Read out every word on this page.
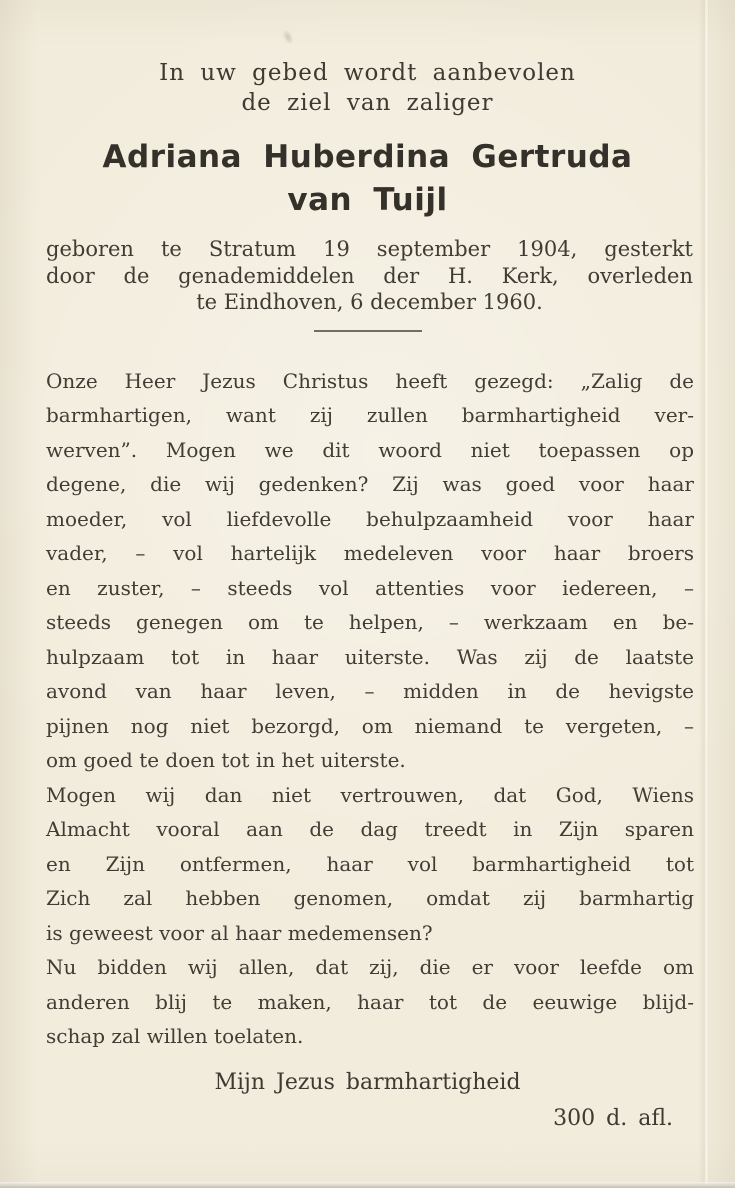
In uw gebed wordt aanbevolen
de ziel van zaliger
Adriana Huberdina Gertruda
van Tuijl
geboren te Stratum 19 september 1904, gesterkt
door de genademiddelen der H. Kerk, overleden
te Eindhoven, 6 december 1960.
Onze Heer Jezus Christus heeft gezegd: „Zalig de
barmhartigen, want zij zullen barmhartigheid ver-
werven”. Mogen we dit woord niet toepassen op
degene, die wij gedenken? Zij was goed voor haar
moeder, vol liefdevolle behulpzaamheid voor haar
vader, – vol hartelijk medeleven voor haar broers
en zuster, – steeds vol attenties voor iedereen, –
steeds genegen om te helpen, – werkzaam en be-
hulpzaam tot in haar uiterste. Was zij de laatste
avond van haar leven, – midden in de hevigste
pijnen nog niet bezorgd, om niemand te vergeten, –
om goed te doen tot in het uiterste.
Mogen wij dan niet vertrouwen, dat God, Wiens
Almacht vooral aan de dag treedt in Zijn sparen
en Zijn ontfermen, haar vol barmhartigheid tot
Zich zal hebben genomen, omdat zij barmhartig
is geweest voor al haar medemensen?
Nu bidden wij allen, dat zij, die er voor leefde om
anderen blij te maken, haar tot de eeuwige blijd-
schap zal willen toelaten.
Mijn Jezus barmhartigheid
300 d. afl.
